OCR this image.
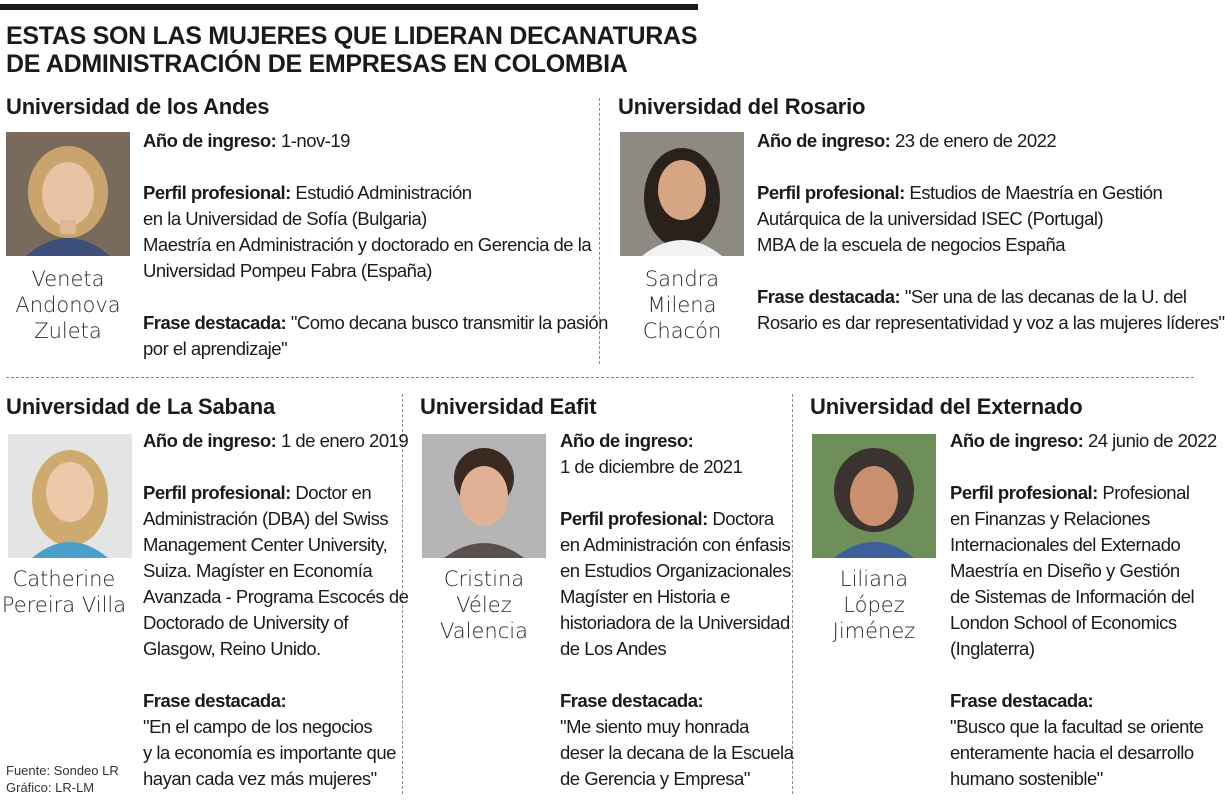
ESTAS SON LAS MUJERES QUE LIDERAN DECANATURAS
DE ADMINISTRACIÓN DE EMPRESAS EN COLOMBIA
Universidad de los Andes
Veneta
Andonova
Zuleta
Año de ingreso: 1-nov-19
Perfil profesional: Estudió Administración
en la Universidad de Sofía (Bulgaria)
Maestría en Administración y doctorado en Gerencia de la
Universidad Pompeu Fabra (España)
Frase destacada: "Como decana busco transmitir la pasión
por el aprendizaje"
Universidad del Rosario
Sandra
Milena
Chacón
Año de ingreso: 23 de enero de 2022
Perfil profesional: Estudios de Maestría en Gestión
Autárquica de la universidad ISEC (Portugal)
MBA de la escuela de negocios España
Frase destacada: "Ser una de las decanas de la U. del
Rosario es dar representatividad y voz a las mujeres líderes"
Universidad de La Sabana
Catherine
Pereira Villa
Año de ingreso: 1 de enero 2019
Perfil profesional: Doctor en
Administración (DBA) del Swiss
Management Center University,
Suiza. Magíster en Economía
Avanzada - Programa Escocés de
Doctorado de University of
Glasgow, Reino Unido.
Frase destacada:
"En el campo de los negocios
y la economía es importante que
hayan cada vez más mujeres"
Universidad Eafit
Cristina
Vélez
Valencia
Año de ingreso:
1 de diciembre de 2021
Perfil profesional: Doctora
en Administración con énfasis
en Estudios Organizacionales
Magíster en Historia e
historiadora de la Universidad
de Los Andes
Frase destacada:
"Me siento muy honrada
deser la decana de la Escuela
de Gerencia y Empresa"
Universidad del Externado
Liliana
López
Jiménez
Año de ingreso: 24 junio de 2022
Perfil profesional: Profesional
en Finanzas y Relaciones
Internacionales del Externado
Maestría en Diseño y Gestión
de Sistemas de Información del
London School of Economics
(Inglaterra)
Frase destacada:
"Busco que la facultad se oriente
enteramente hacia el desarrollo
humano sostenible"
Fuente: Sondeo LR
Gráfico: LR-LM
